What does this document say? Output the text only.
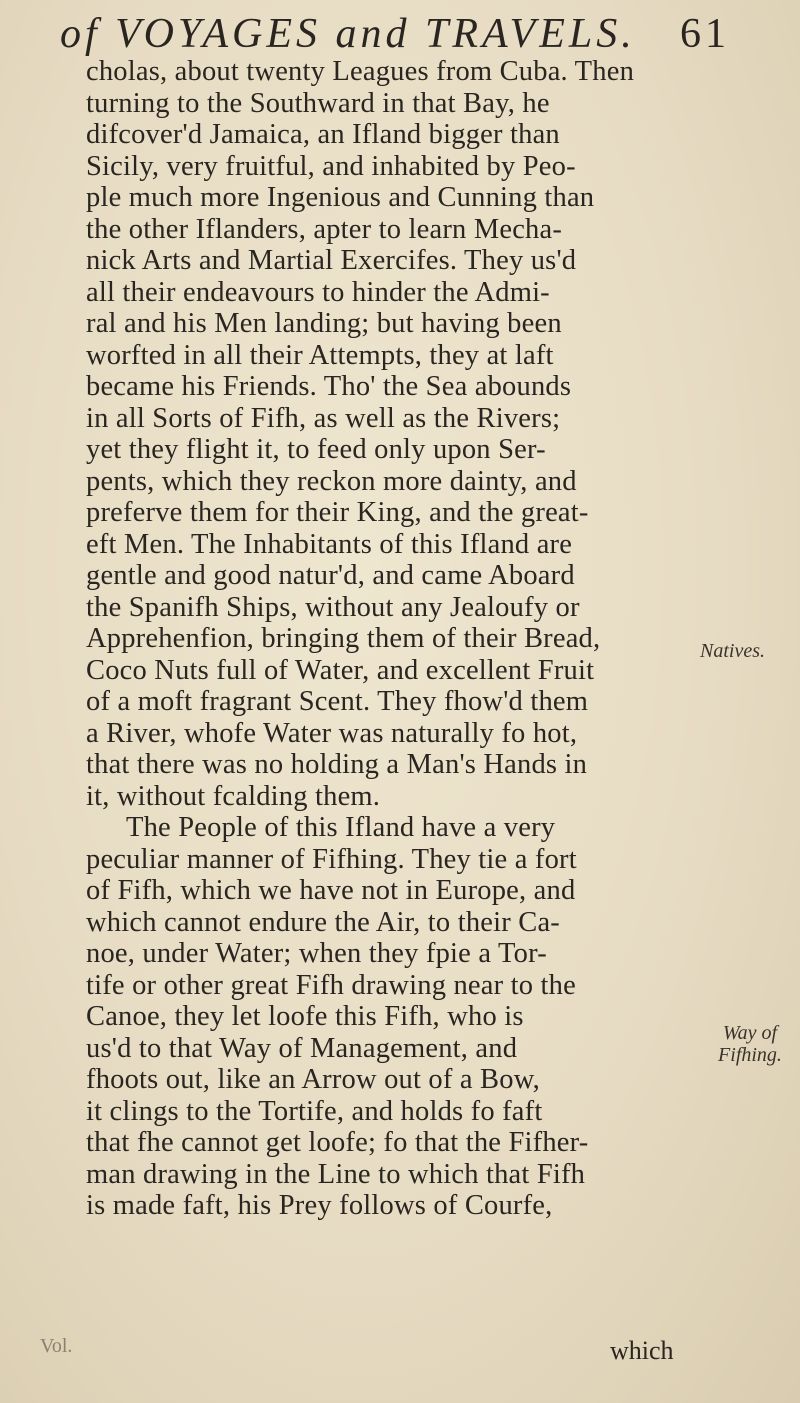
of VOYAGES and TRAVELS. 61
cholas, about twenty Leagues from Cuba. Then
turning to the Southward in that Bay, he
difcover'd Jamaica, an Ifland bigger than
Sicily, very fruitful, and inhabited by Peo-
ple much more Ingenious and Cunning than
the other Iflanders, apter to learn Mecha-
nick Arts and Martial Exercifes. They us'd
all their endeavours to hinder the Admi-
ral and his Men landing; but having been
worfted in all their Attempts, they at laft
became his Friends. Tho' the Sea abounds
in all Sorts of Fifh, as well as the Rivers;
yet they flight it, to feed only upon Ser-
pents, which they reckon more dainty, and
preferve them for their King, and the great-
eft Men. The Inhabitants of this Ifland are
gentle and good natur'd, and came Aboard
the Spanifh Ships, without any Jealoufy or
Apprehenfion, bringing them of their Bread,
Coco Nuts full of Water, and excellent Fruit
of a moft fragrant Scent. They fhow'd them
a River, whofe Water was naturally fo hot,
that there was no holding a Man's Hands in
it, without fcalding them.
The People of this Ifland have a very
peculiar manner of Fifhing. They tie a fort
of Fifh, which we have not in Europe, and
which cannot endure the Air, to their Ca-
noe, under Water; when they fpie a Tor-
tife or other great Fifh drawing near to the
Canoe, they let loofe this Fifh, who is
us'd to that Way of Management, and
fhoots out, like an Arrow out of a Bow,
it clings to the Tortife, and holds fo faft
that fhe cannot get loofe; fo that the Fifher-
man drawing in the Line to which that Fifh
is made faft, his Prey follows of Courfe,
Natives.
Way of Fifhing.
Vol.	which
